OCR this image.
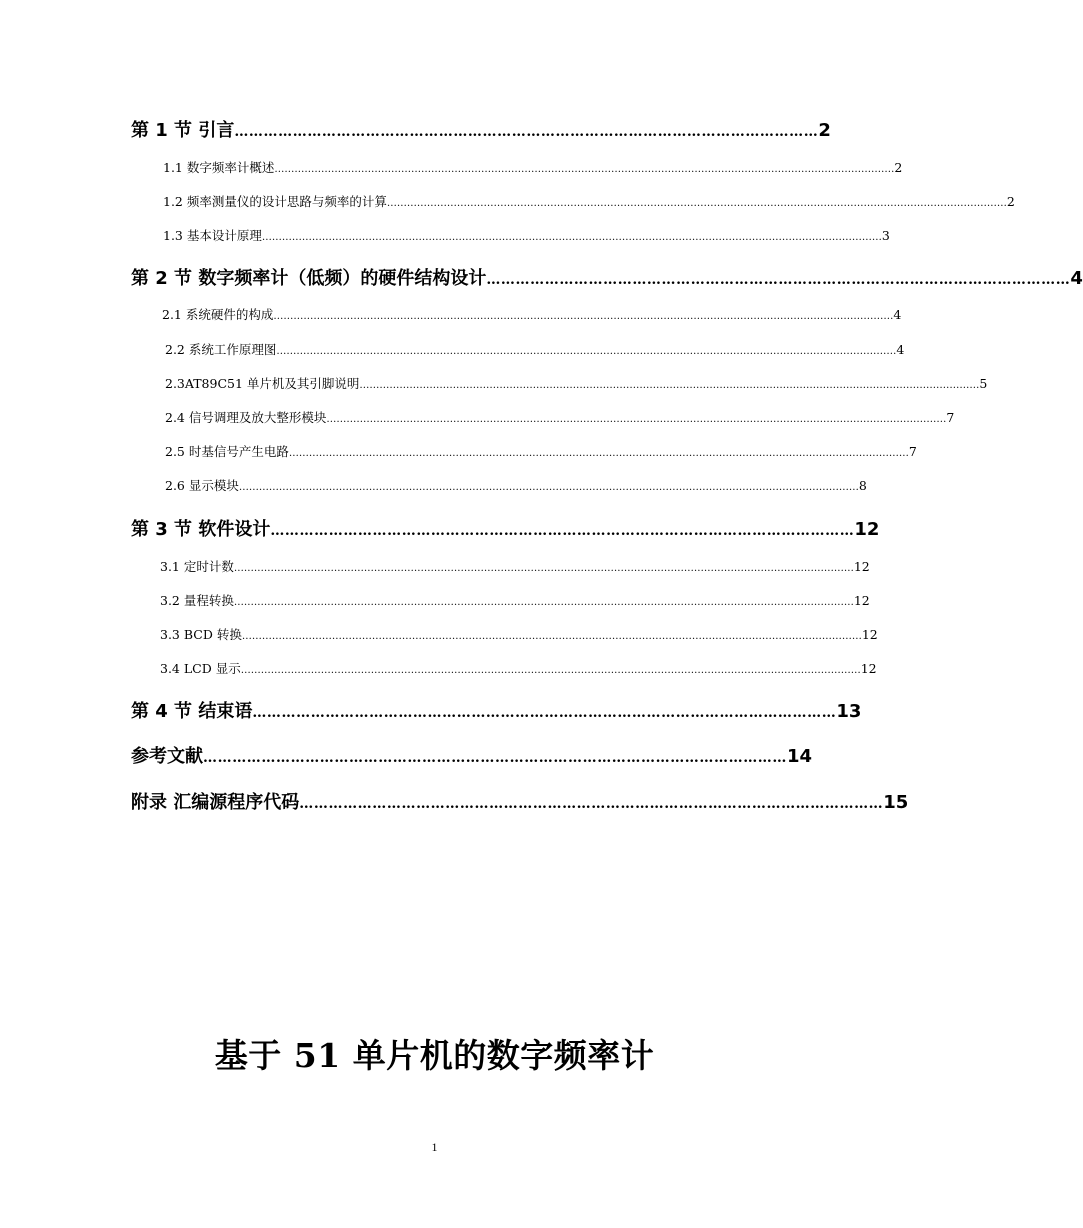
第 1 节 引言 ………………………………………………………………………………………………………… 2
1.1 数字频率计概述 …………………………………………………………………………………………………………………………………………………………………… 2
1.2 频率测量仪的设计思路与频率的计算 …………………………………………………………………………………………………………………………………………………………………… 2
1.3 基本设计原理 …………………………………………………………………………………………………………………………………………………………………… 3
第 2 节 数字频率计（低频）的硬件结构设计 ………………………………………………………………………………………………………… 4
2.1 系统硬件的构成 …………………………………………………………………………………………………………………………………………………………………… 4
2.2 系统工作原理图 …………………………………………………………………………………………………………………………………………………………………… 4
2.3AT89C51 单片机及其引脚说明 …………………………………………………………………………………………………………………………………………………………………… 5
2.4 信号调理及放大整形模块 …………………………………………………………………………………………………………………………………………………………………… 7
2.5 时基信号产生电路 …………………………………………………………………………………………………………………………………………………………………… 7
2.6 显示模块 …………………………………………………………………………………………………………………………………………………………………… 8
第 3 节 软件设计 ………………………………………………………………………………………………………… 12
3.1 定时计数 …………………………………………………………………………………………………………………………………………………………………… 12
3.2 量程转换 …………………………………………………………………………………………………………………………………………………………………… 12
3.3 BCD 转换 …………………………………………………………………………………………………………………………………………………………………… 12
3.4 LCD 显示 …………………………………………………………………………………………………………………………………………………………………… 12
第 4 节 结束语 ………………………………………………………………………………………………………… 13
参考文献 ………………………………………………………………………………………………………… 14
附录 汇编源程序代码 ………………………………………………………………………………………………………… 15
基于 51 单片机的数字频率计
1
